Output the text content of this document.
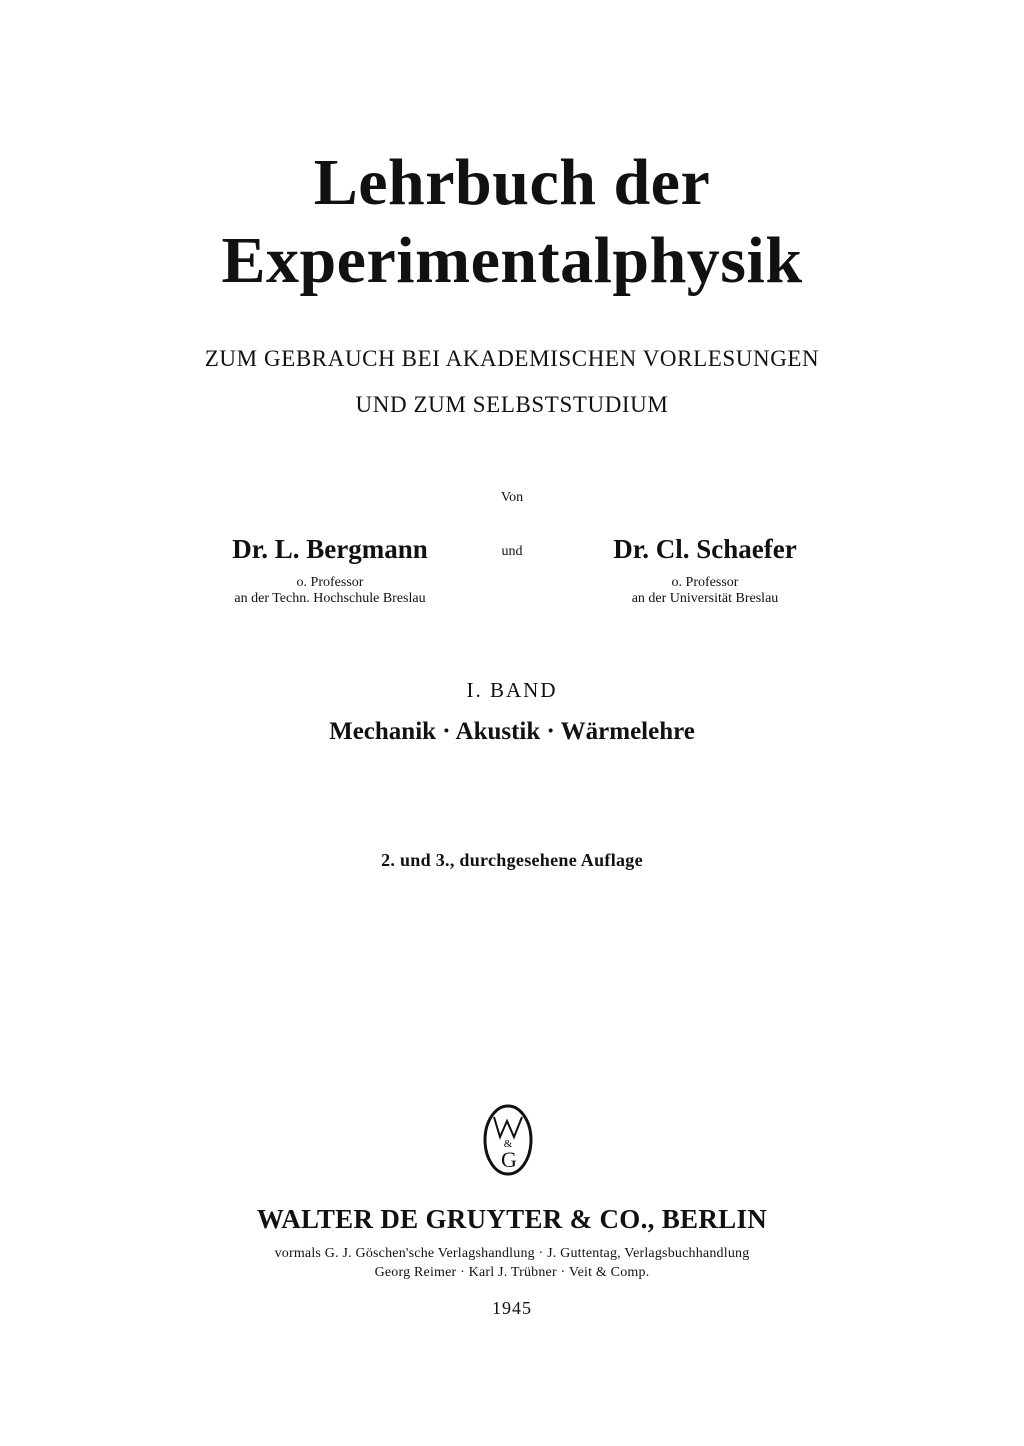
Lehrbuch der
Experimentalphysik
ZUM GEBRAUCH BEI AKADEMISCHEN VORLESUNGEN
UND ZUM SELBSTSTUDIUM
Von
Dr. L. Bergmann
o. Professor
an der Techn. Hochschule Breslau
und	Dr. Cl. Schaefer
o. Professor
an der Universität Breslau
I. BAND
Mechanik · Akustik · Wärmelehre
2. und 3., durchgesehene Auflage
&
G
WALTER DE GRUYTER & CO., BERLIN
vormals G. J. Göschen'sche Verlagshandlung · J. Guttentag, Verlagsbuchhandlung
Georg Reimer · Karl J. Trübner · Veit & Comp.
1945
